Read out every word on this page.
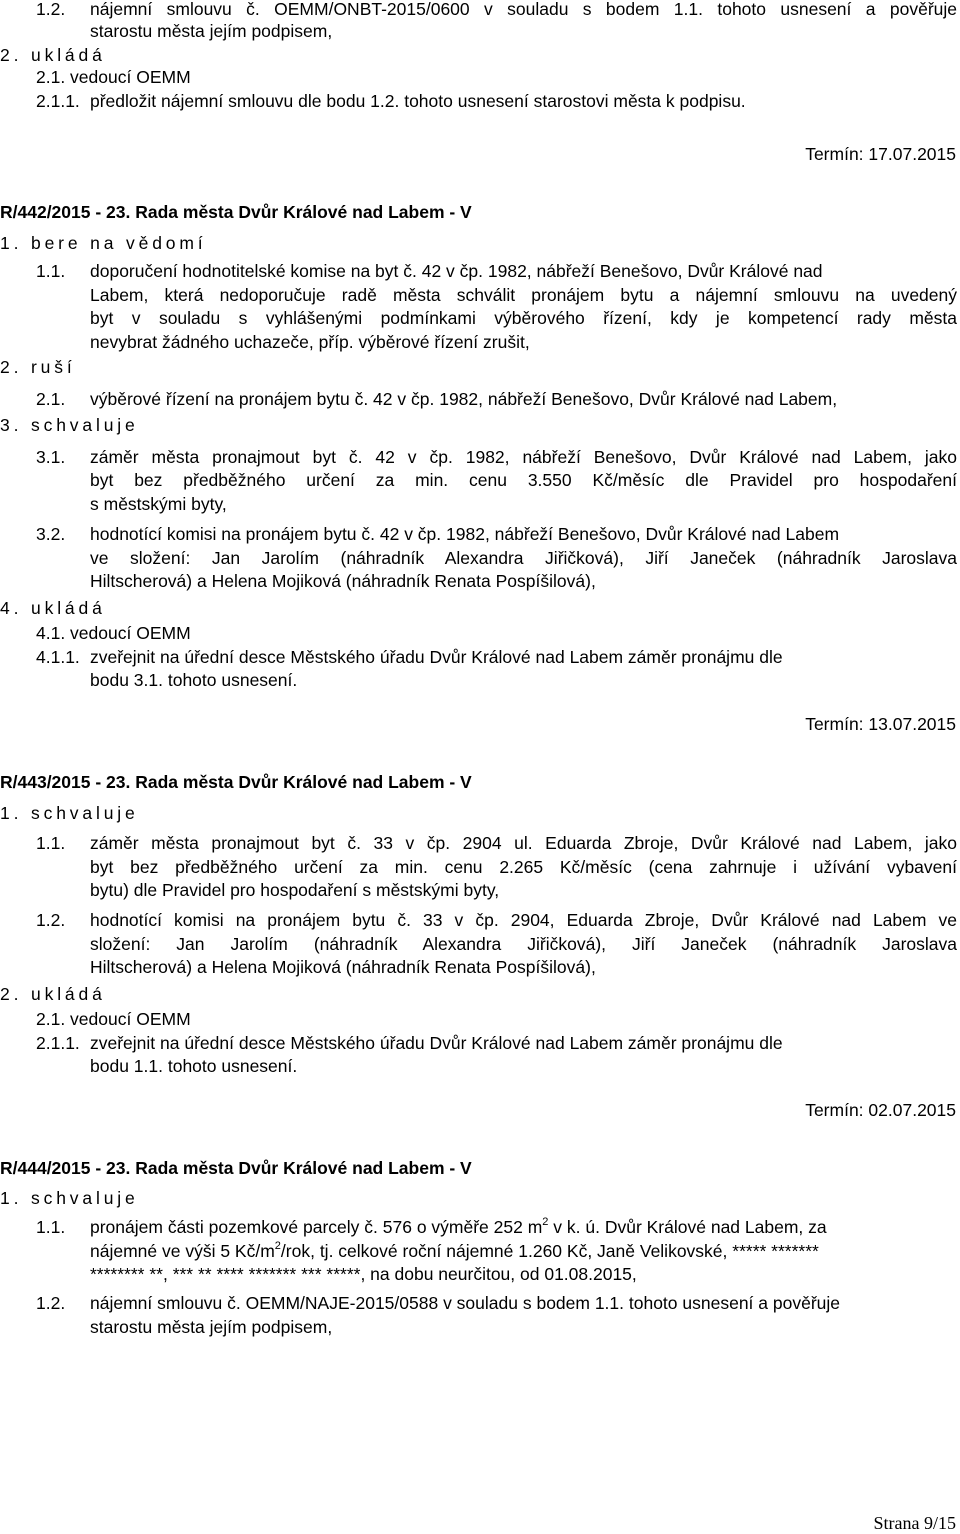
1.2. nájemní smlouvu č. OEMM/ONBT-2015/0600 v souladu s bodem 1.1. tohoto usnesení a pověřuje
starostu města jejím podpisem,
2. ukládá
2.1. vedoucí OEMM
2.1.1. předložit nájemní smlouvu dle bodu 1.2. tohoto usnesení starostovi města k podpisu.
Termín: 17.07.2015
R/442/2015 - 23. Rada města Dvůr Králové nad Labem - V
1. bere na vědomí
1.1. doporučení hodnotitelské komise na byt č. 42 v čp. 1982, nábřeží Benešovo, Dvůr Králové nad
Labem, která nedoporučuje radě města schválit pronájem bytu a nájemní smlouvu na uvedený
byt v souladu s vyhlášenými podmínkami výběrového řízení, kdy je kompetencí rady města
nevybrat žádného uchazeče, příp. výběrové řízení zrušit,
2. ruší
2.1. výběrové řízení na pronájem bytu č. 42 v čp. 1982, nábřeží Benešovo, Dvůr Králové nad Labem,
3. schvaluje
3.1. záměr města pronajmout byt č. 42 v čp. 1982, nábřeží Benešovo, Dvůr Králové nad Labem, jako
byt bez předběžného určení za min. cenu 3.550 Kč/měsíc dle Pravidel pro hospodaření
s městskými byty,
3.2. hodnotící komisi na pronájem bytu č. 42 v čp. 1982, nábřeží Benešovo, Dvůr Králové nad Labem
ve složení: Jan Jarolím (náhradník Alexandra Jiřičková), Jiří Janeček (náhradník Jaroslava
Hiltscherová) a Helena Mojiková (náhradník Renata Pospíšilová),
4. ukládá
4.1. vedoucí OEMM
4.1.1. zveřejnit na úřední desce Městského úřadu Dvůr Králové nad Labem záměr pronájmu dle
bodu 3.1. tohoto usnesení.
Termín: 13.07.2015
R/443/2015 - 23. Rada města Dvůr Králové nad Labem - V
1. schvaluje
1.1. záměr města pronajmout byt č. 33 v čp. 2904 ul. Eduarda Zbroje, Dvůr Králové nad Labem, jako
byt bez předběžného určení za min. cenu 2.265 Kč/měsíc (cena zahrnuje i užívání vybavení
bytu) dle Pravidel pro hospodaření s městskými byty,
1.2. hodnotící komisi na pronájem bytu č. 33 v čp. 2904, Eduarda Zbroje, Dvůr Králové nad Labem ve
složení: Jan Jarolím (náhradník Alexandra Jiřičková), Jiří Janeček (náhradník Jaroslava
Hiltscherová) a Helena Mojiková (náhradník Renata Pospíšilová),
2. ukládá
2.1. vedoucí OEMM
2.1.1. zveřejnit na úřední desce Městského úřadu Dvůr Králové nad Labem záměr pronájmu dle
bodu 1.1. tohoto usnesení.
Termín: 02.07.2015
R/444/2015 - 23. Rada města Dvůr Králové nad Labem - V
1. schvaluje
1.1. pronájem části pozemkové parcely č. 576 o výměře 252 $m^2$ v k. ú. Dvůr Králové nad Labem, za
nájemné ve výši 5 $Kč/m^2$/rok, tj. celkové roční nájemné 1.260 Kč, Janě Velikovské, ***** *******
******** **, *** ** **** ******* *** *****, na dobu neurčitou, od 01.08.2015,
1.2. nájemní smlouvu č. OEMM/NAJE-2015/0588 v souladu s bodem 1.1. tohoto usnesení a pověřuje
starostu města jejím podpisem,
Strana 9/15
